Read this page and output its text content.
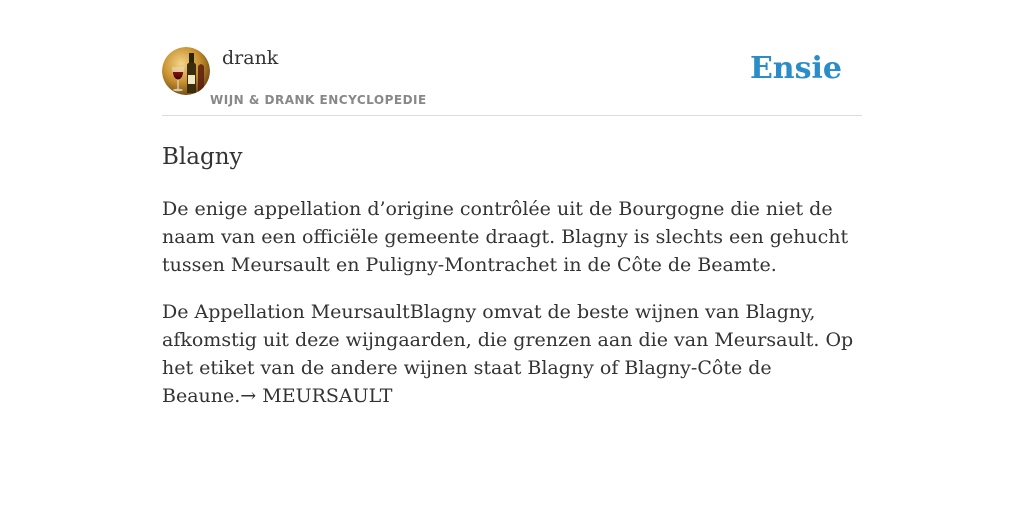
drank
WIJN & DRANK ENCYCLOPEDIE
Ensie
Blagny

De enige appellation d’origine contrôlée uit de Bourgogne die niet de naam van een officiële gemeente draagt. Blagny is slechts een gehucht tussen Meursault en Puligny-Montrachet in de Côte de Beamte.

De Appellation MeursaultBlagny omvat de beste wijnen van Blagny, afkomstig uit deze wijngaarden, die grenzen aan die van Meursault. Op het etiket van de andere wijnen staat Blagny of Blagny-Côte de Beaune.→ MEURSAULT
